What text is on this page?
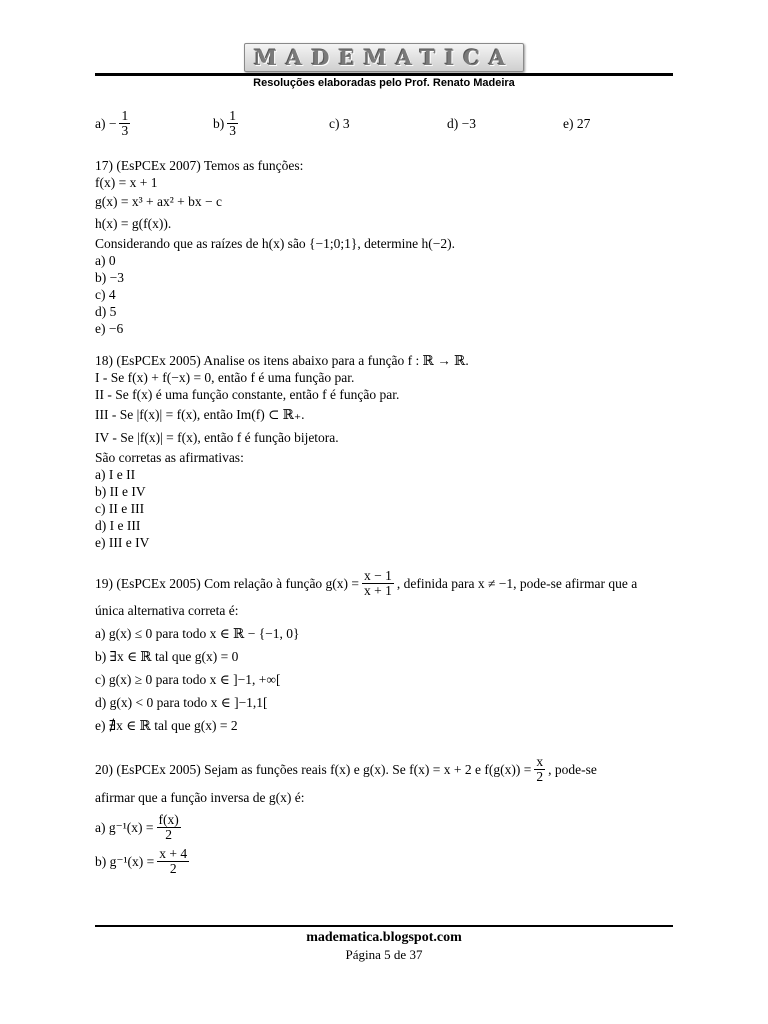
MADEMATICA
Resoluções elaboradas pelo Prof. Renato Madeira
$a) - \frac{1}{3}$	$b) \frac{1}{3}$	c) 3	d) −3	e) 27
17) (EsPCEx 2007) Temos as funções:
f(x) = x + 1
g(x) = x³ + ax² + bx − c
h(x) = g(f(x)).
Considerando que as raízes de h(x) são {−1;0;1}, determine h(−2).
a) 0
b) −3
c) 4
d) 5
e) −6
18) (EsPCEx 2005) Analise os itens abaixo para a função f : ℝ → ℝ.
I - Se f(x) + f(−x) = 0, então f é uma função par.
II - Se f(x) é uma função constante, então f é função par.
III - Se |f(x)| = f(x), então Im(f) ⊂ ℝ₊.
IV - Se |f(x)| = f(x), então f é função bijetora.
São corretas as afirmativas:
a) I e II
b) II e IV
c) II e III
d) I e III
e) III e IV
19) (EsPCEx 2005) Com relação à função $g(x) = \frac{x - 1}{x + 1}$ , definida para x ≠ −1, pode-se afirmar que a
única alternativa correta é:
a) g(x) ≤ 0 para todo x ∈ ℝ − {−1, 0}
b) ∃x ∈ ℝ tal que g(x) = 0
c) g(x) ≥ 0 para todo x ∈ ]−1, +∞[
d) g(x) < 0 para todo x ∈ ]−1,1[
e) ∄x ∈ ℝ tal que g(x) = 2
20) (EsPCEx 2005) Sejam as funções reais f(x) e g(x). Se f(x) = x + 2 e $f(g(x)) = \frac{x}{2}$ , pode-se
afirmar que a função inversa de g(x) é:
a) $g^{-1}(x) = \frac{f(x)}{2}$
b) $g^{-1}(x) = \frac{x + 4}{2}$
madematica.blogspot.com
Página 5 de 37
